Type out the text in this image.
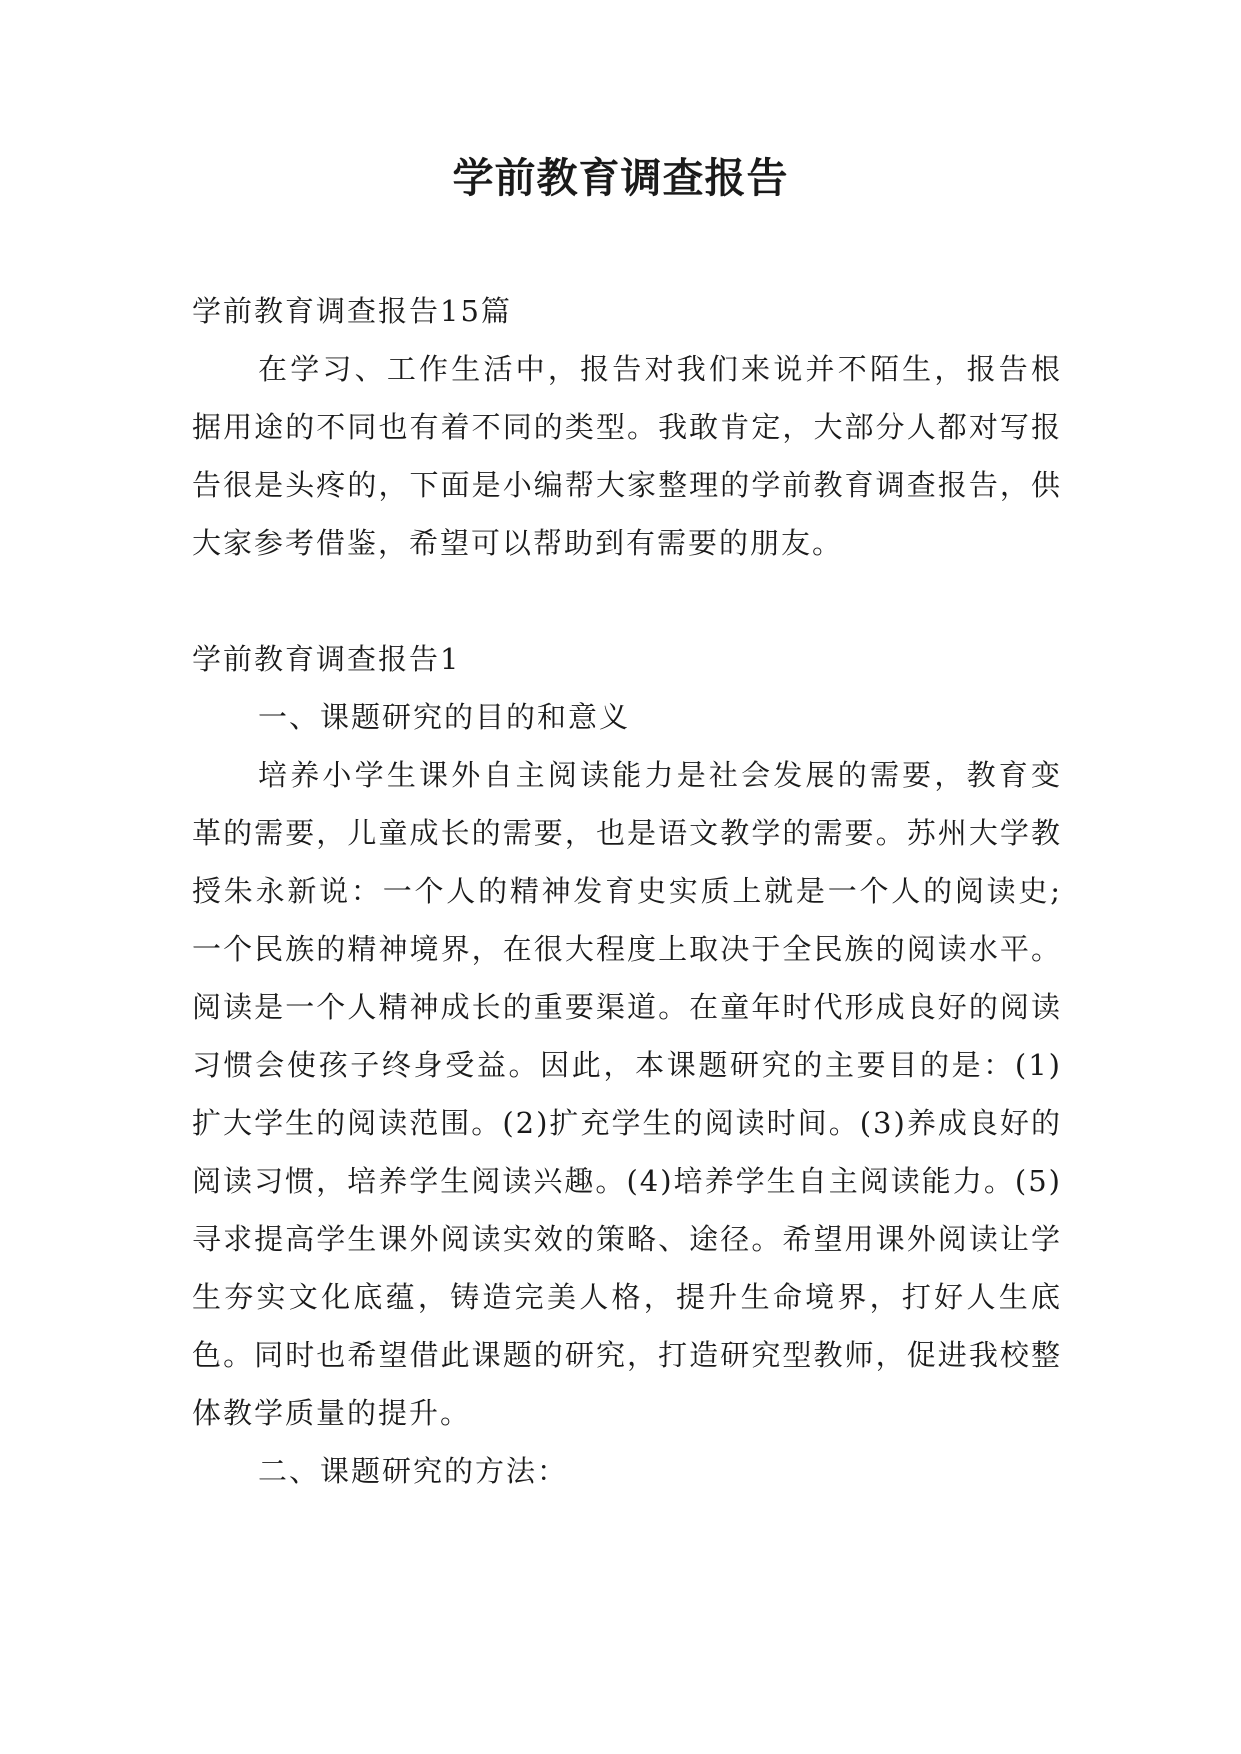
学前教育调查报告

学前教育调查报告15篇

在学习、工作生活中，报告对我们来说并不陌生，报告根据用途的不同也有着不同的类型。我敢肯定，大部分人都对写报告很是头疼的，下面是小编帮大家整理的学前教育调查报告，供大家参考借鉴，希望可以帮助到有需要的朋友。

学前教育调查报告1

一、课题研究的目的和意义

培养小学生课外自主阅读能力是社会发展的需要，教育变革的需要，儿童成长的需要，也是语文教学的需要。苏州大学教授朱永新说：一个人的精神发育史实质上就是一个人的阅读史;一个民族的精神境界，在很大程度上取决于全民族的阅读水平。阅读是一个人精神成长的重要渠道。在童年时代形成良好的阅读习惯会使孩子终身受益。因此，本课题研究的主要目的是：(1)扩大学生的阅读范围。(2)扩充学生的阅读时间。(3)养成良好的阅读习惯，培养学生阅读兴趣。(4)培养学生自主阅读能力。(5)寻求提高学生课外阅读实效的策略、途径。希望用课外阅读让学生夯实文化底蕴，铸造完美人格，提升生命境界，打好人生底色。同时也希望借此课题的研究，打造研究型教师，促进我校整体教学质量的提升。

二、课题研究的方法：
